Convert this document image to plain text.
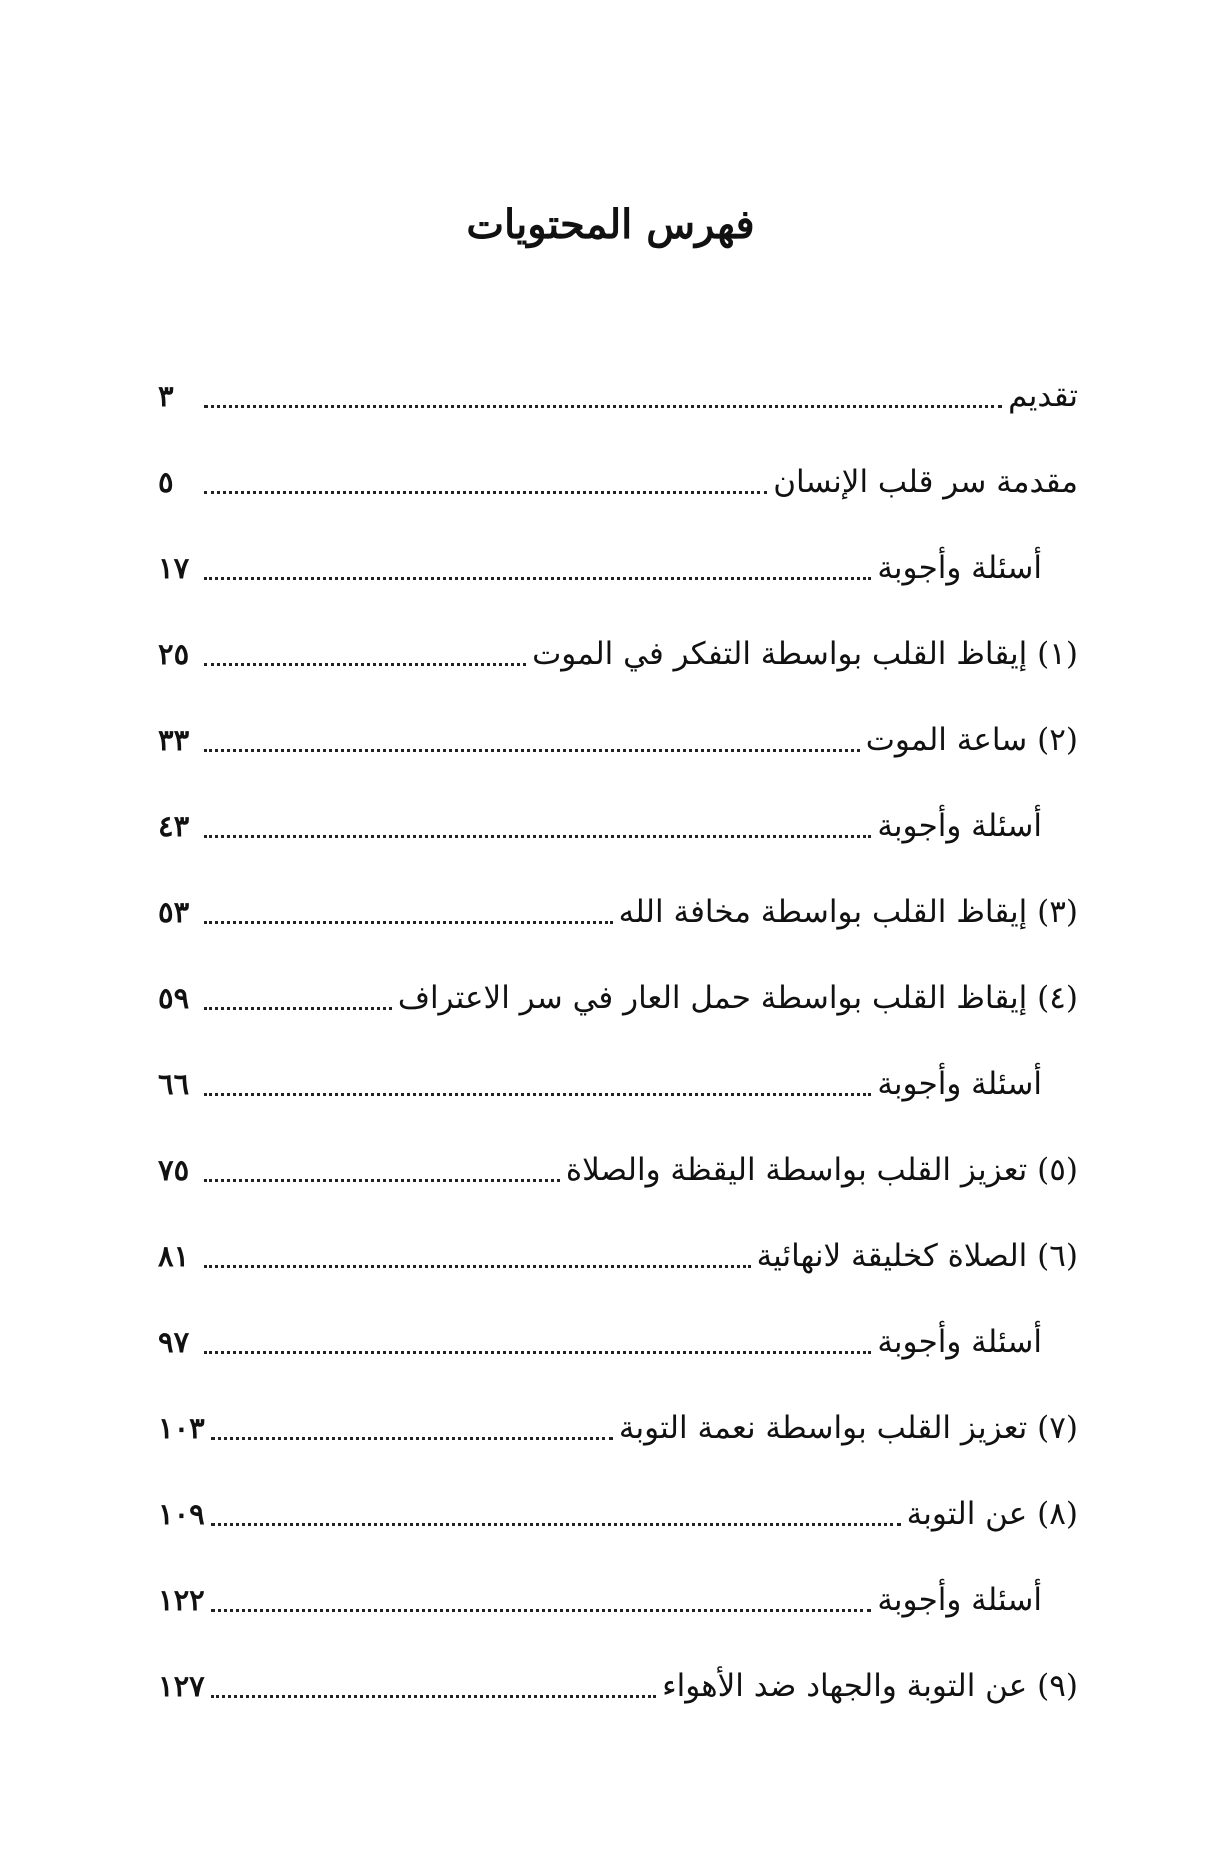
فهرس المحتويات
٣	تقديم
٥	مقدمة سر قلب الإنسان
١٧	أسئلة وأجوبة
٢٥	(١) إيقاظ القلب بواسطة التفكر في الموت
٣٣	(٢) ساعة الموت
٤٣	أسئلة وأجوبة
٥٣	(٣) إيقاظ القلب بواسطة مخافة الله
٥٩	(٤) إيقاظ القلب بواسطة حمل العار في سر الاعتراف
٦٦	أسئلة وأجوبة
٧٥	(٥) تعزيز القلب بواسطة اليقظة والصلاة
٨١	(٦) الصلاة كخليقة لانهائية
٩٧	أسئلة وأجوبة
١٠٣	(٧) تعزيز القلب بواسطة نعمة التوبة
١٠٩	(٨) عن التوبة
١٢٢	أسئلة وأجوبة
١٢٧	(٩) عن التوبة والجهاد ضد الأهواء
